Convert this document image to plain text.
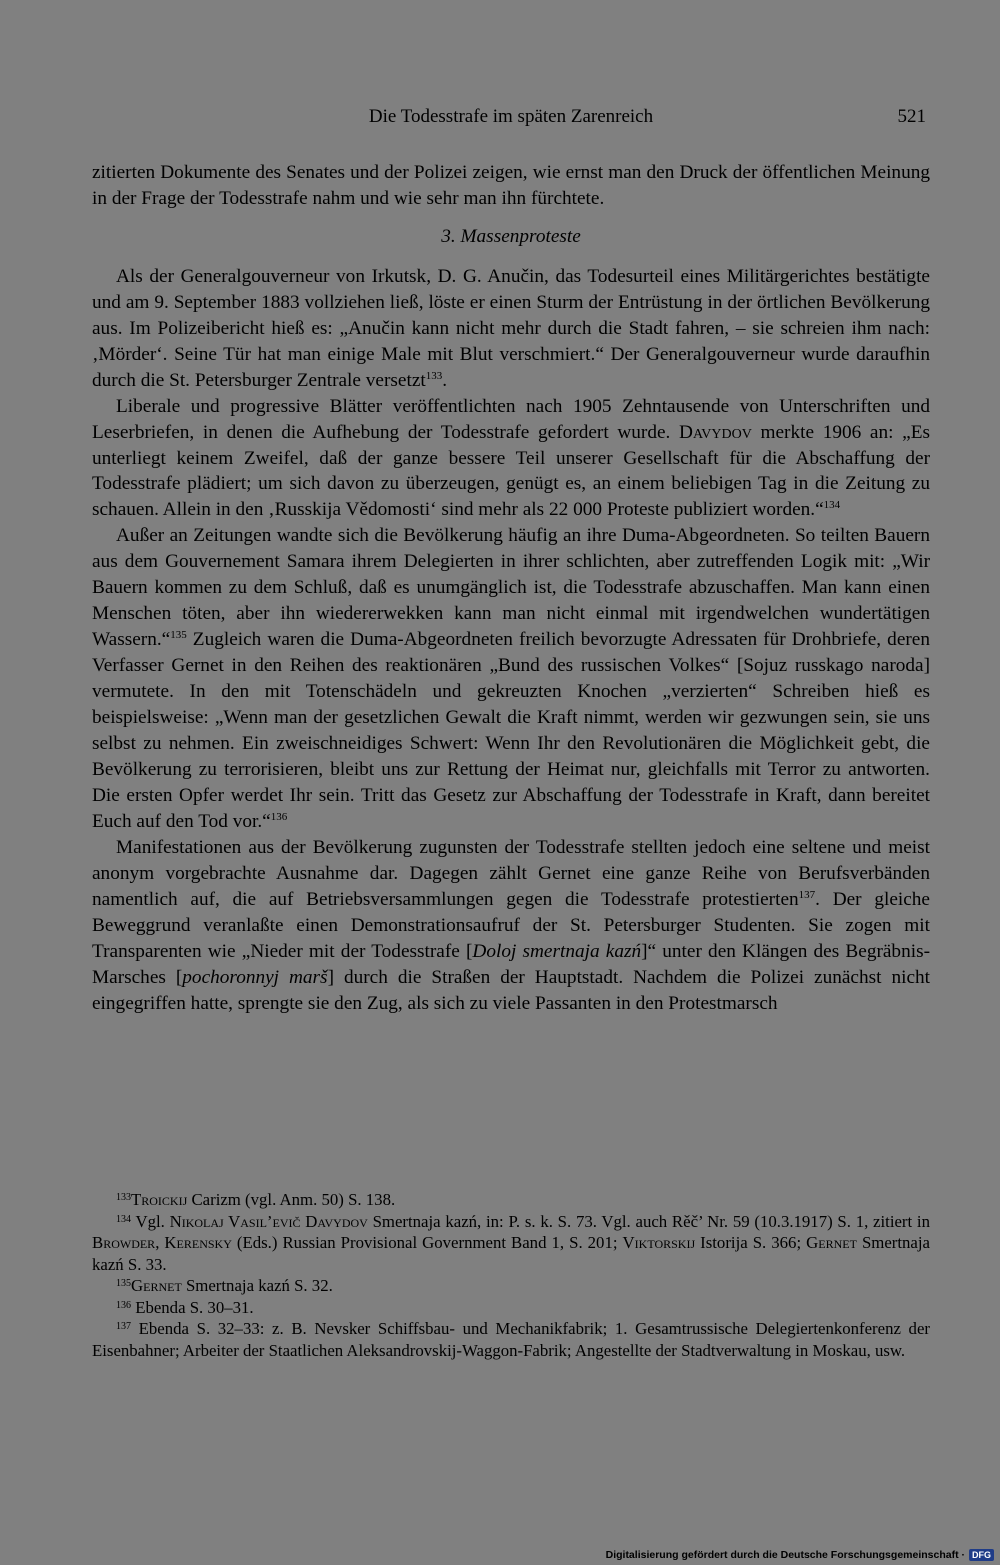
Die Todesstrafe im späten Zarenreich	521

zitierten Dokumente des Senates und der Polizei zeigen, wie ernst man den Druck der öffentlichen Meinung in der Frage der Todesstrafe nahm und wie sehr man ihn fürchtete.

3. Massenproteste

Als der Generalgouverneur von Irkutsk, D. G. Anučin, das Todesurteil eines Militärgerichtes bestätigte und am 9. September 1883 vollziehen ließ, löste er einen Sturm der Entrüstung in der örtlichen Bevölkerung aus. Im Polizeibericht hieß es: „Anučin kann nicht mehr durch die Stadt fahren, – sie schreien ihm nach: ‚Mörder‘. Seine Tür hat man einige Male mit Blut verschmiert.“ Der Generalgouverneur wurde daraufhin durch die St. Petersburger Zentrale versetzt$^{133}$.

Liberale und progressive Blätter veröffentlichten nach 1905 Zehntausende von Unterschriften und Leserbriefen, in denen die Aufhebung der Todesstrafe gefordert wurde. Davydov merkte 1906 an: „Es unterliegt keinem Zweifel, daß der ganze bessere Teil unserer Gesellschaft für die Abschaffung der Todesstrafe plädiert; um sich davon zu überzeugen, genügt es, an einem beliebigen Tag in die Zeitung zu schauen. Allein in den ‚Russkija Vědomosti‘ sind mehr als 22 000 Proteste publiziert worden.“$^{134}$

Außer an Zeitungen wandte sich die Bevölkerung häufig an ihre Duma-Abgeordneten. So teilten Bauern aus dem Gouvernement Samara ihrem Delegierten in ihrer schlichten, aber zutreffenden Logik mit: „Wir Bauern kommen zu dem Schluß, daß es unumgänglich ist, die Todesstrafe abzuschaffen. Man kann einen Menschen töten, aber ihn wiedererwekken kann man nicht einmal mit irgendwelchen wundertätigen Wassern.“$^{135}$ Zugleich waren die Duma-Abgeordneten freilich bevorzugte Adressaten für Drohbriefe, deren Verfasser Gernet in den Reihen des reaktionären „Bund des russischen Volkes“ [Sojuz russkago naroda] vermutete. In den mit Totenschädeln und gekreuzten Knochen „verzierten“ Schreiben hieß es beispielsweise: „Wenn man der gesetzlichen Gewalt die Kraft nimmt, werden wir gezwungen sein, sie uns selbst zu nehmen. Ein zweischneidiges Schwert: Wenn Ihr den Revolutionären die Möglichkeit gebt, die Bevölkerung zu terrorisieren, bleibt uns zur Rettung der Heimat nur, gleichfalls mit Terror zu antworten. Die ersten Opfer werdet Ihr sein. Tritt das Gesetz zur Abschaffung der Todesstrafe in Kraft, dann bereitet Euch auf den Tod vor.“$^{136}$

Manifestationen aus der Bevölkerung zugunsten der Todesstrafe stellten jedoch eine seltene und meist anonym vorgebrachte Ausnahme dar. Dagegen zählt Gernet eine ganze Reihe von Berufsverbänden namentlich auf, die auf Betriebsversammlungen gegen die Todesstrafe protestierten$^{137}$. Der gleiche Beweggrund veranlaßte einen Demonstrationsaufruf der St. Petersburger Studenten. Sie zogen mit Transparenten wie „Nieder mit der Todesstrafe [Doloj smertnaja kazń]“ unter den Klängen des Begräbnis-Marsches [pochoronnyj marš] durch die Straßen der Hauptstadt. Nachdem die Polizei zunächst nicht eingegriffen hatte, sprengte sie den Zug, als sich zu viele Passanten in den Protestmarsch

$^{133}$Troickij Carizm (vgl. Anm. 50) S. 138.

$^{134}$ Vgl. Nikolaj Vasil’evič Davydov Smertnaja kazń, in: P. s. k. S. 73. Vgl. auch Rěč’ Nr. 59 (10.3.1917) S. 1, zitiert in Browder, Kerensky (Eds.) Russian Provisional Government Band 1, S. 201; Viktorskij Istorija S. 366; Gernet Smertnaja kazń S. 33.

$^{135}$Gernet Smertnaja kazń S. 32.

$^{136}$ Ebenda S. 30–31.

$^{137}$ Ebenda S. 32–33: z. B. Nevsker Schiffsbau- und Mechanikfabrik; 1. Gesamtrussische Delegiertenkonferenz der Eisenbahner; Arbeiter der Staatlichen Aleksandrovskij-Waggon-Fabrik; Angestellte der Stadtverwaltung in Moskau, usw.

Digitalisierung gefördert durch die Deutsche Forschungsgemeinschaft · DFG
